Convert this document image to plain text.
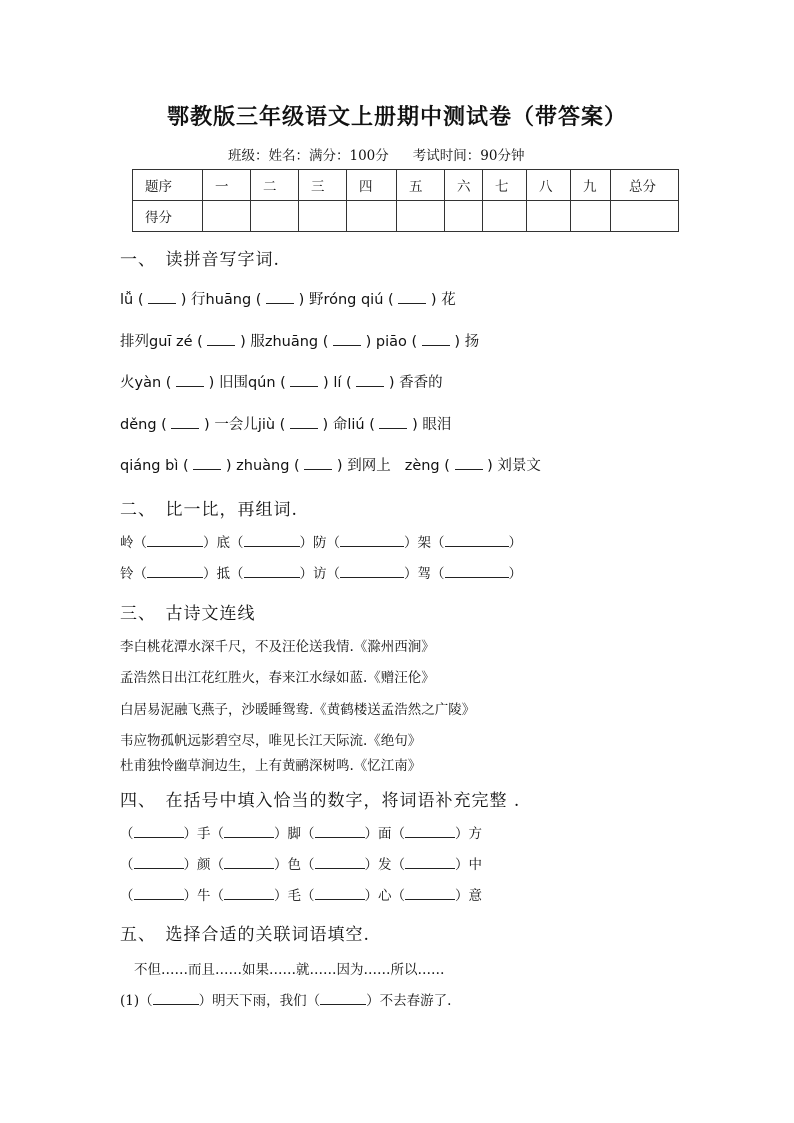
鄂教版三年级语文上册期中测试卷（带答案）
班级：姓名：满分：100分 考试时间：90分钟
题序	一	二	三	四	五	六	七	八	九	总分
得分										
一、　读拼音写字词.
lǚ (  ) 行huāng (  ) 野róng qiú (  ) 花
排列guī zé (  ) 服zhuāng (  ) piāo (  ) 扬
火yàn (  ) 旧围qún (  ) lí (  ) 香香的
děng (  ) 一会儿jiù (  ) 命liú (  ) 眼泪
qiáng bì (  ) zhuàng (  ) 到网上 zèng (  ) 刘景文
二、　比一比，再组词.
岭（	）底（	）防（	）架（	）
铃（	）抵（	）访（	）驾（	）
三、　古诗文连线
李白桃花潭水深千尺，不及汪伦送我情.《滁州西涧》
孟浩然日出江花红胜火，春来江水绿如蓝.《赠汪伦》
白居易泥融飞燕子，沙暖睡鸳鸯.《黄鹤楼送孟浩然之广陵》
韦应物孤帆远影碧空尽，唯见长江天际流.《绝句》
杜甫独怜幽草涧边生，上有黄鹂深树鸣.《忆江南》
四、　在括号中填入恰当的数字，将词语补充完整 .
（	）手（	）脚（	）面（	）方
（	）颜（	）色（	）发（	）中
（	）牛（	）毛（	）心（	）意
五、　选择合适的关联词语填空.
不但……而且……如果……就……因为……所以……
(1)（	）明天下雨，我们（	）不去春游了.
